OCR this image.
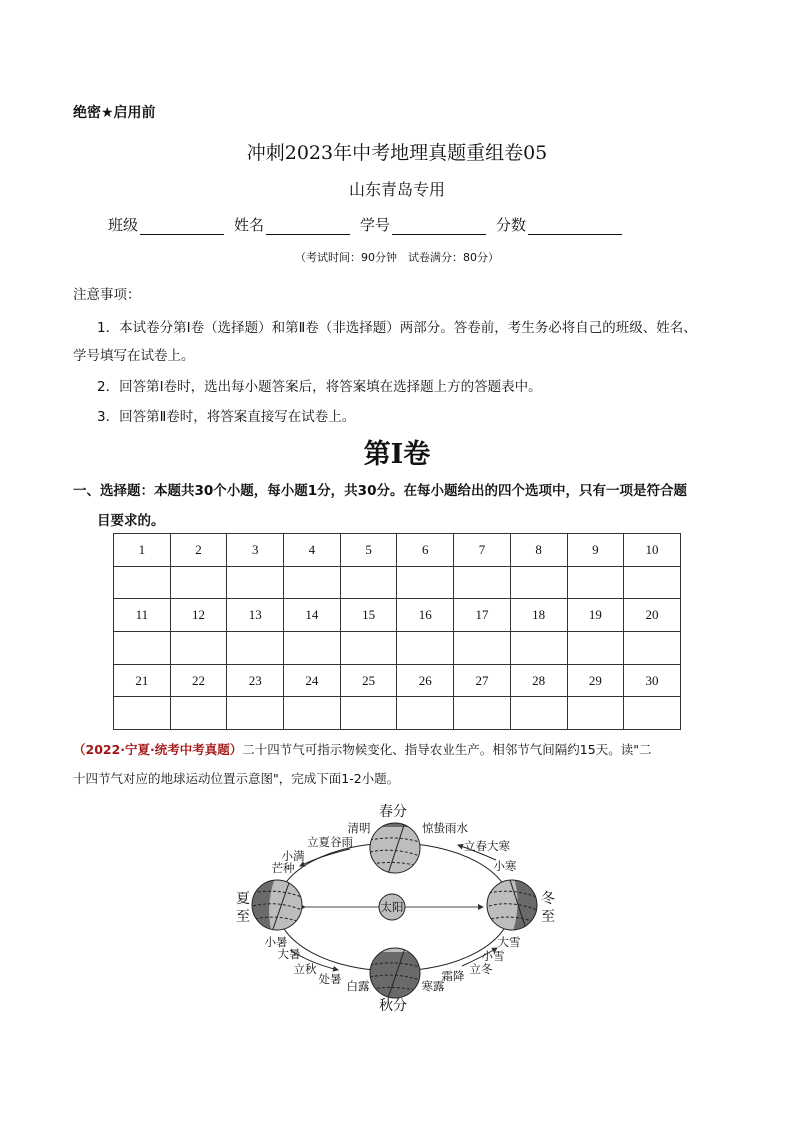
绝密★启用前
冲刺2023年中考地理真题重组卷05
山东青岛专用
班级	姓名	学号	分数
（考试时间：90分钟　试卷满分：80分）
注意事项：
1．本试卷分第Ⅰ卷（选择题）和第Ⅱ卷（非选择题）两部分。答卷前，考生务必将自己的班级、姓名、
学号填写在试卷上。
2．回答第Ⅰ卷时，选出每小题答案后，将答案填在选择题上方的答题表中。
3．回答第Ⅱ卷时，将答案直接写在试卷上。
第Ⅰ卷
一、选择题：本题共30个小题，每小题1分，共30分。在每小题给出的四个选项中，只有一项是符合题
目要求的。
1	2	3	4	5	6	7	8	9	10

11	12	13	14	15	16	17	18	19	20

21	22	23	24	25	26	27	28	29	30

（2022·宁夏·统考中考真题）二十四节气可指示物候变化、指导农业生产。相邻节气间隔约15天。读"二
十四节气对应的地球运动位置示意图"，完成下面1-2小题。
太阳
春分
秋分
夏
至
冬
至
清明	惊蛰雨水
立夏谷雨	立春大寒
小满
芒种	小寒
小暑
大暑
立秋
处暑 白露	寒露
霜降 立冬
小雪
大雪
